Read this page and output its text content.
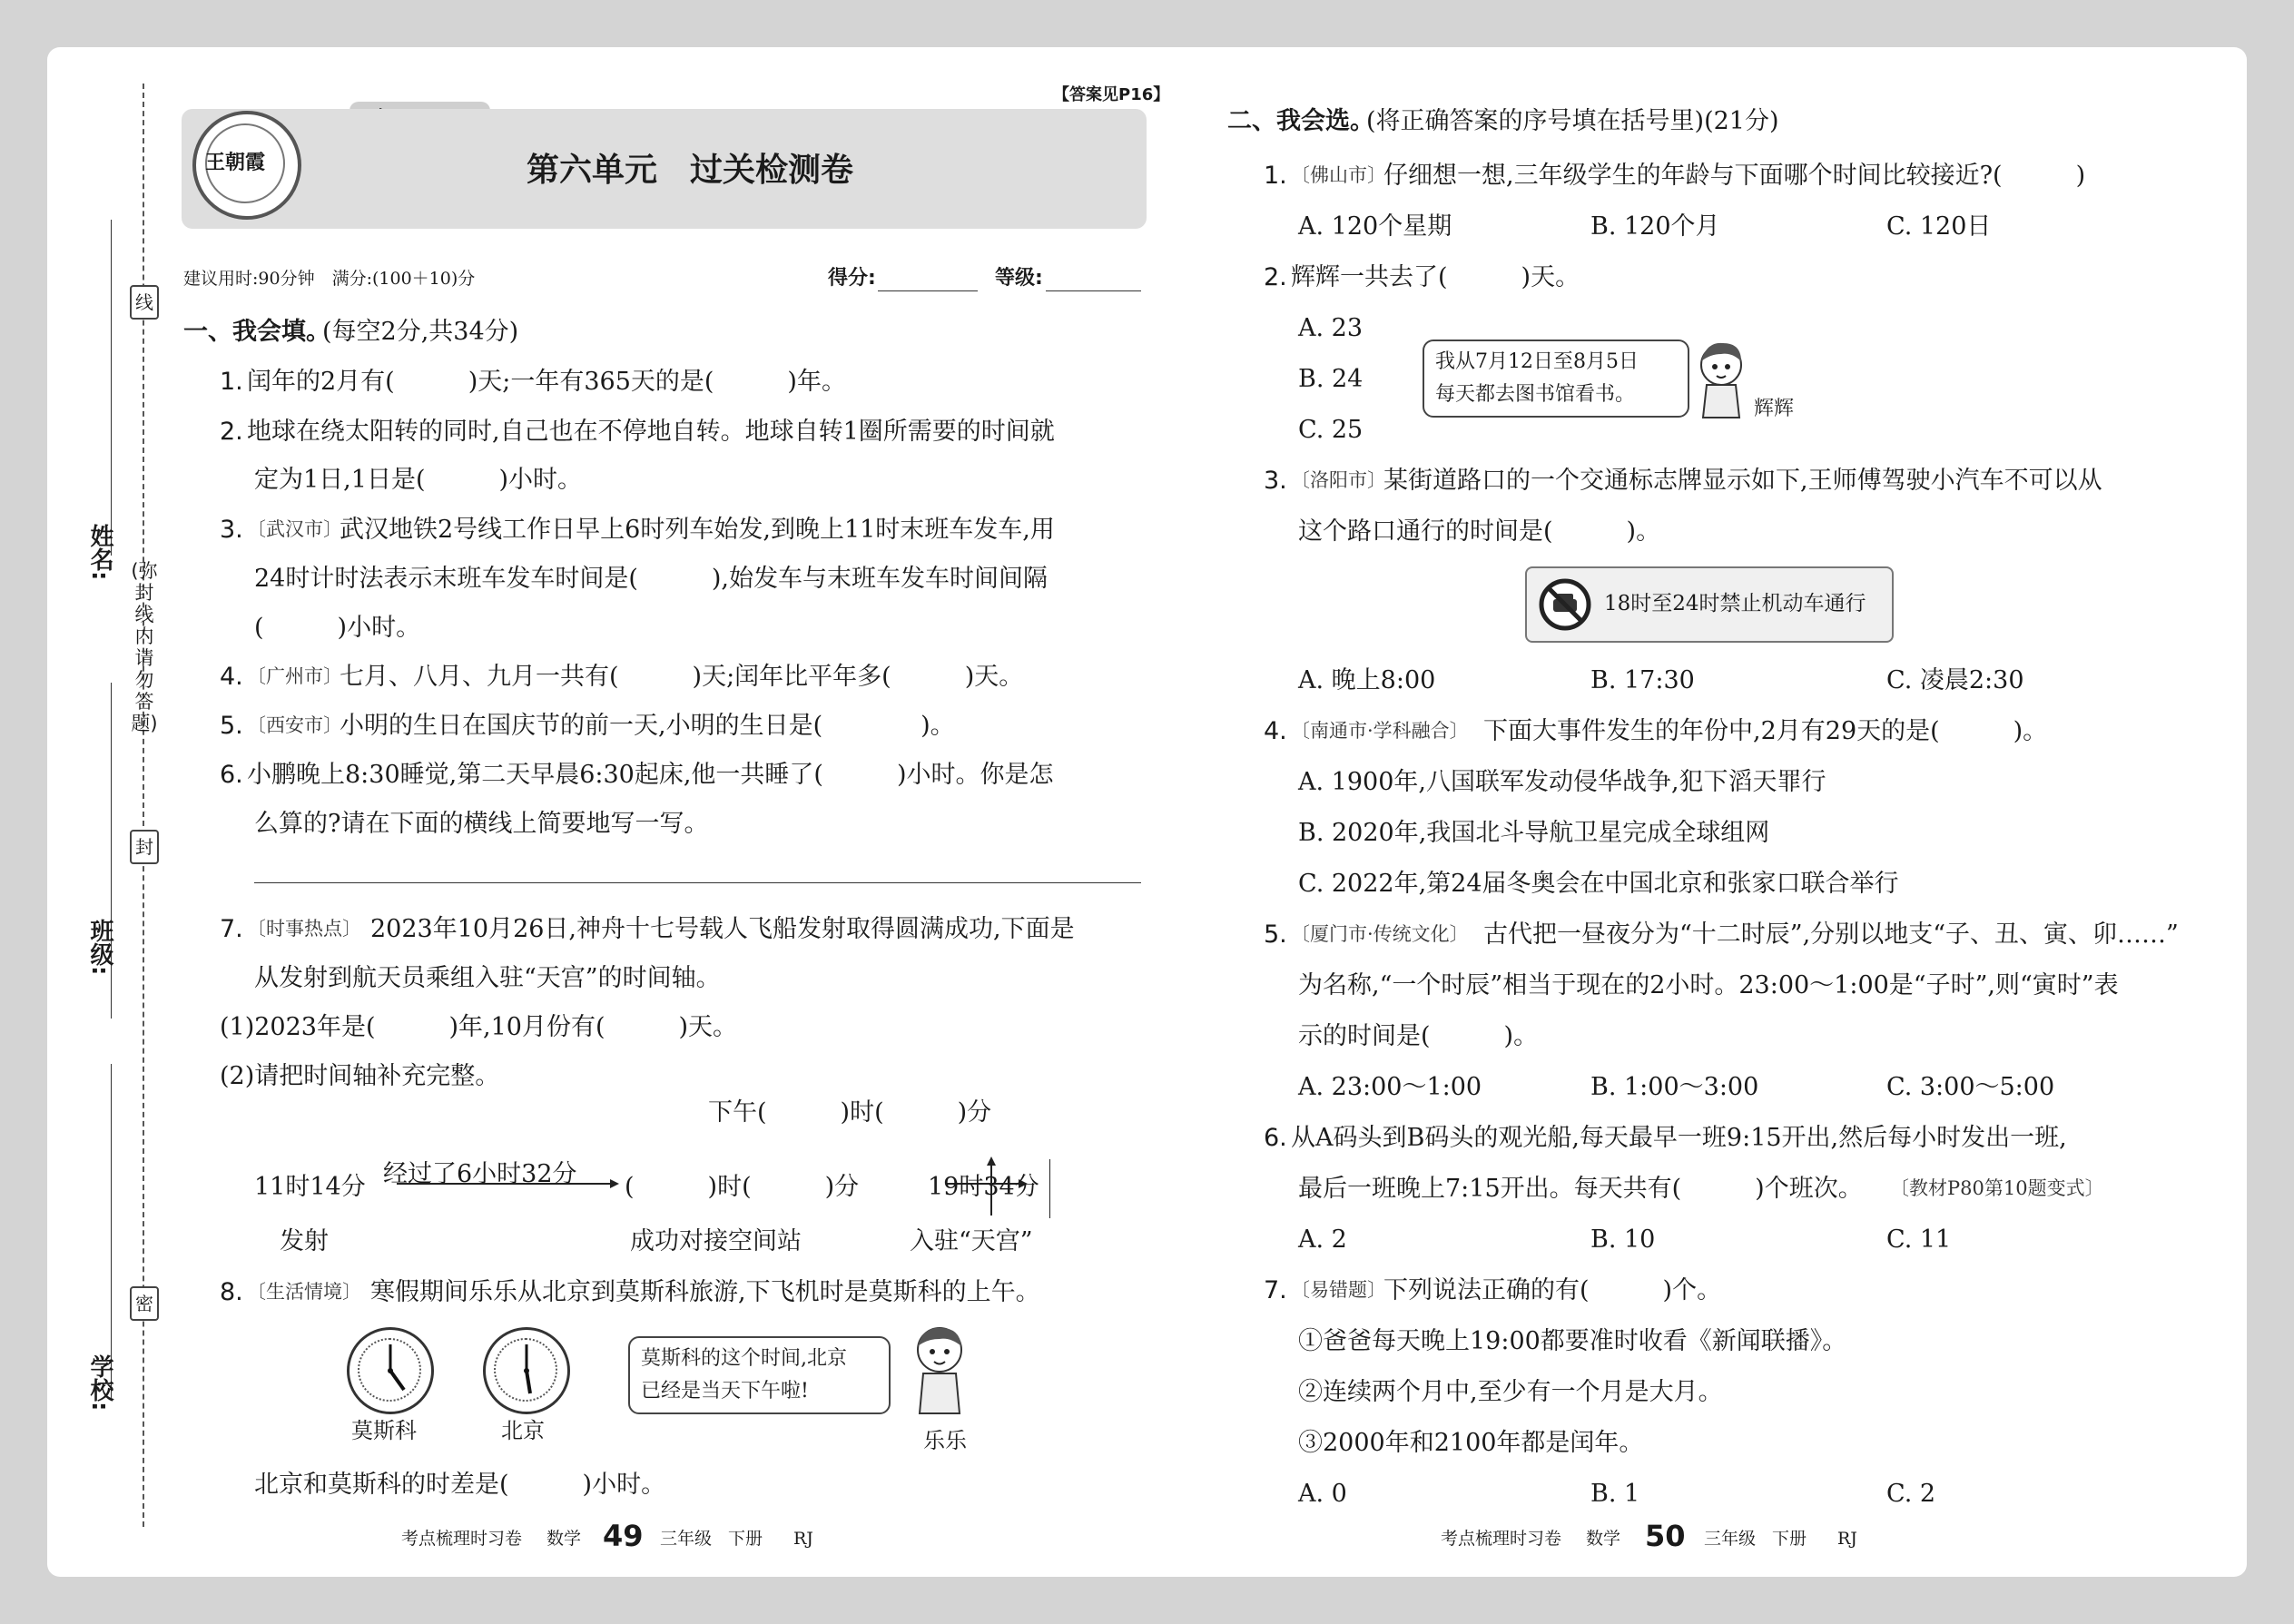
线
封
密
(弥封线内请勿答题)
姓名:
班级:
学校:
【答案见P16】
王朝霞	第六单元　过关检测卷
建议用时:90分钟　满分:(100＋10)分	得分:	等级:
一、我会填。
(每空2分,共34分)
1. 闰年的2月有(　　　)天;一年有365天的是(　　　)年。
2. 地球在绕太阳转的同时,自己也在不停地自转。地球自转1圈所需要的时间就
定为1日,1日是(　　　)小时。
3. 〔武汉市〕
武汉地铁2号线工作日早上6时列车始发,到晚上11时末班车发车,用
24时计时法表示末班车发车时间是(　　　),始发车与末班车发车时间间隔
(　　　)小时。
4. 〔广州市〕
七月、八月、九月一共有(　　　)天;闰年比平年多(　　　)天。
5. 〔西安市〕
小明的生日在国庆节的前一天,小明的生日是(　　　　)。
6. 小鹏晚上8:30睡觉,第二天早晨6:30起床,他一共睡了(　　　)小时。你是怎
么算的?请在下面的横线上简要地写一写。
7. 〔时事热点〕 2023年10月26日,神舟十七号载人飞船发射取得圆满成功,下面是
从发射到航天员乘组入驻“天宫”的时间轴。
(1)2023年是(　　　)年,10月份有(　　　)天。
(2)请把时间轴补充完整。
下午(　　　)时(　　　)分
11时14分 经过了6小时32分 (　　　)时(　　　)分	19时34分
发射	成功对接空间站	入驻“天宫”
8. 〔生活情境〕 寒假期间乐乐从北京到莫斯科旅游,下飞机时是莫斯科的上午。
莫斯科	北京
莫斯科的这个时间,北京
已经是当天下午啦!
乐乐
北京和莫斯科的时差是(　　　)小时。
考点梳理时习卷 数学 49 三年级 下册 RJ
二、我会选。
(将正确答案的序号填在括号里)(21分)
1. 〔佛山市〕
仔细想一想,三年级学生的年龄与下面哪个时间比较接近?(　　　)
A. 120个星期	B. 120个月	C. 120日
2. 辉辉一共去了(　　　)天。
A. 23
B. 24
C. 25
我从7月12日至8月5日
每天都去图书馆看书。
辉辉
3. 〔洛阳市〕
某街道路口的一个交通标志牌显示如下,王师傅驾驶小汽车不可以从
这个路口通行的时间是(　　　)。
18时至24时禁止机动车通行
A. 晚上8:00	B. 17:30	C. 凌晨2:30
4. 〔南通市·学科融合〕 下面大事件发生的年份中,2月有29天的是(　　　)。
A. 1900年,八国联军发动侵华战争,犯下滔天罪行
B. 2020年,我国北斗导航卫星完成全球组网
C. 2022年,第24届冬奥会在中国北京和张家口联合举行
5. 〔厦门市·传统文化〕 古代把一昼夜分为“十二时辰”,分别以地支“子、丑、寅、卯……”
为名称,“一个时辰”相当于现在的2小时。23:00～1:00是“子时”,则“寅时”表
示的时间是(　　　)。
A. 23:00～1:00	B. 1:00～3:00	C. 3:00～5:00
6. 从A码头到B码头的观光船,每天最早一班9:15开出,然后每小时发出一班,
最后一班晚上7:15开出。每天共有(　　　)个班次。 〔教材P80第10题变式〕
A. 2	B. 10	C. 11
7. 〔易错题〕
下列说法正确的有(　　　)个。
①爸爸每天晚上19:00都要准时收看《新闻联播》。
②连续两个月中,至少有一个月是大月。
③2000年和2100年都是闰年。
A. 0	B. 1	C. 2
考点梳理时习卷 数学 50 三年级 下册 RJ
